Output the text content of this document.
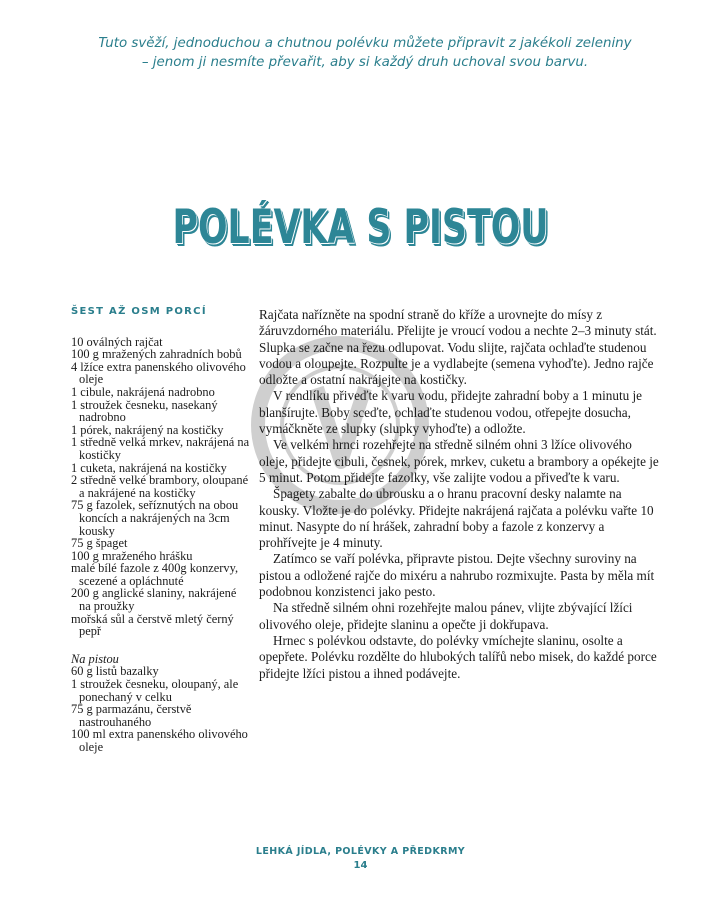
Tuto svěží, jednoduchou a chutnou polévku můžete připravit z jakékoli zeleniny – jenom ji nesmíte převařit, aby si každý druh uchoval svou barvu.
POLÉVKA S PISTOU
ŠEST AŽ OSM PORCÍ
10 oválných rajčat
100 g mražených zahradních bobů
4 lžíce extra panenského olivového oleje
1 cibule, nakrájená nadrobno
1 stroužek česneku, nasekaný nadrobno
1 pórek, nakrájený na kostičky
1 středně velká mrkev, nakrájená na kostičky
1 cuketa, nakrájená na kostičky
2 středně velké brambory, oloupané a nakrájené na kostičky
75 g fazolek, seříznutých na obou koncích a nakrájených na 3cm kousky
75 g špaget
100 g mraženého hrášku
malé bílé fazole z 400g konzervy, scezené a opláchnuté
200 g anglické slaniny, nakrájené na proužky
mořská sůl a čerstvě mletý černý pepř
Na pistou
60 g listů bazalky
1 stroužek česneku, oloupaný, ale ponechaný v celku
75 g parmazánu, čerstvě nastrouhaného
100 ml extra panenského olivového oleje

Rajčata nařízněte na spodní straně do kříže a urovnejte do mísy z žáruvzdorného materiálu. Přelijte je vroucí vodou a nechte 2–3 minuty stát. Slupka se začne na řezu odlupovat. Vodu slijte, rajčata ochlaďte studenou vodou a oloupejte. Rozpulte je a vydlabejte (semena vyhoďte). Jedno rajče odložte a ostatní nakrájejte na kostičky.

V rendlíku přiveďte k varu vodu, přidejte zahradní boby a 1 minutu je blanšírujte. Boby sceďte, ochlaďte studenou vodou, otřepejte dosucha, vymáčkněte ze slupky (slupky vyhoďte) a odložte.

Ve velkém hrnci rozehřejte na středně silném ohni 3 lžíce olivového oleje, přidejte cibuli, česnek, pórek, mrkev, cuketu a brambory a opékejte je 5 minut. Potom přidejte fazolky, vše zalijte vodou a přiveďte k varu.

Špagety zabalte do ubrousku a o hranu pracovní desky nalamte na kousky. Vložte je do polévky. Přidejte nakrájená rajčata a polévku vařte 10 minut. Nasypte do ní hrášek, zahradní boby a fazole z konzervy a prohřívejte je 4 minuty.

Zatímco se vaří polévka, připravte pistou. Dejte všechny suroviny na pistou a odložené rajče do mixéru a nahrubo rozmixujte. Pasta by měla mít podobnou konzistenci jako pesto.

Na středně silném ohni rozehřejte malou pánev, vlijte zbývající lžíci olivového oleje, přidejte slaninu a opečte ji dokřupava.

Hrnec s polévkou odstavte, do polévky vmíchejte slaninu, osolte a opepřete. Polévku rozdělte do hlubokých talířů nebo misek, do každé porce přidejte lžíci pistou a ihned podávejte.

LEHKÁ JÍDLA, POLÉVKY A PŘEDKRMY
14
